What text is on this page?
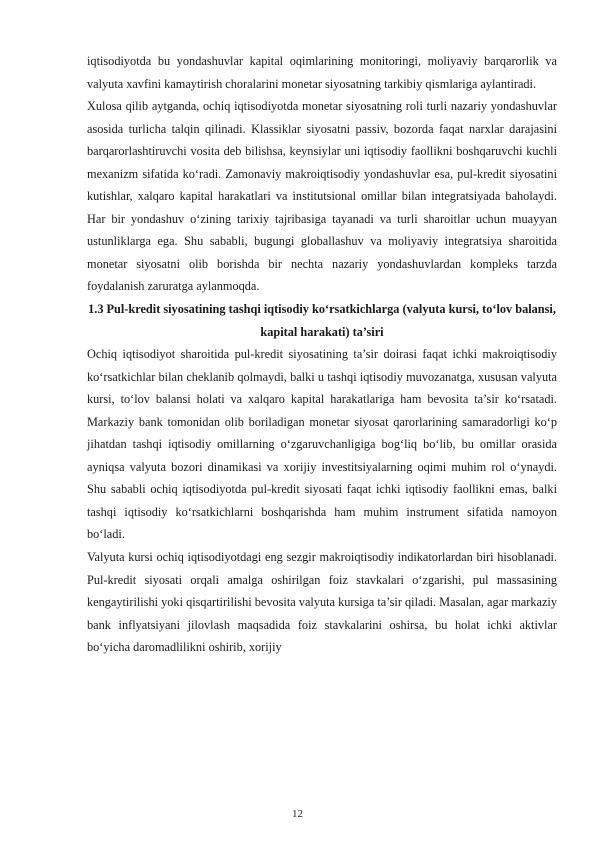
iqtisodiyotda bu yondashuvlar kapital oqimlarining monitoringi, moliyaviy barqarorlik va valyuta xavfini kamaytirish choralarini monetar siyosatning tarkibiy qismlariga aylantiradi.

Xulosa qilib aytganda, ochiq iqtisodiyotda monetar siyosatning roli turli nazariy yondashuvlar asosida turlicha talqin qilinadi. Klassiklar siyosatni passiv, bozorda faqat narxlar darajasini barqarorlashtiruvchi vosita deb bilishsa, keynsiylar uni iqtisodiy faollikni boshqaruvchi kuchli mexanizm sifatida ko‘radi. Zamonaviy makroiqtisodiy yondashuvlar esa, pul-kredit siyosatini kutishlar, xalqaro kapital harakatlari va institutsional omillar bilan integratsiyada baholaydi. Har bir yondashuv o‘zining tarixiy tajribasiga tayanadi va turli sharoitlar uchun muayyan ustunliklarga ega. Shu sababli, bugungi globallashuv va moliyaviy integratsiya sharoitida monetar siyosatni olib borishda bir nechta nazariy yondashuvlardan kompleks tarzda foydalanish zaruratga aylanmoqda.

1.3 Pul-kredit siyosatining tashqi iqtisodiy ko‘rsatkichlarga (valyuta kursi, to‘lov balansi, kapital harakati) ta’siri

Ochiq iqtisodiyot sharoitida pul-kredit siyosatining ta’sir doirasi faqat ichki makroiqtisodiy ko‘rsatkichlar bilan cheklanib qolmaydi, balki u tashqi iqtisodiy muvozanatga, xususan valyuta kursi, to‘lov balansi holati va xalqaro kapital harakatlariga ham bevosita ta’sir ko‘rsatadi. Markaziy bank tomonidan olib boriladigan monetar siyosat qarorlarining samaradorligi ko‘p jihatdan tashqi iqtisodiy omillarning o‘zgaruvchanligiga bog‘liq bo‘lib, bu omillar orasida ayniqsa valyuta bozori dinamikasi va xorijiy investitsiyalarning oqimi muhim rol o‘ynaydi. Shu sababli ochiq iqtisodiyotda pul-kredit siyosati faqat ichki iqtisodiy faollikni emas, balki tashqi iqtisodiy ko‘rsatkichlarni boshqarishda ham muhim instrument sifatida namoyon bo‘ladi.

Valyuta kursi ochiq iqtisodiyotdagi eng sezgir makroiqtisodiy indikatorlardan biri hisoblanadi. Pul-kredit siyosati orqali amalga oshirilgan foiz stavkalari o‘zgarishi, pul massasining kengaytirilishi yoki qisqartirilishi bevosita valyuta kursiga ta’sir qiladi. Masalan, agar markaziy bank inflyatsiyani jilovlash maqsadida foiz stavkalarini oshirsa, bu holat ichki aktivlar bo‘yicha daromadlilikni oshirib, xorijiy

12
